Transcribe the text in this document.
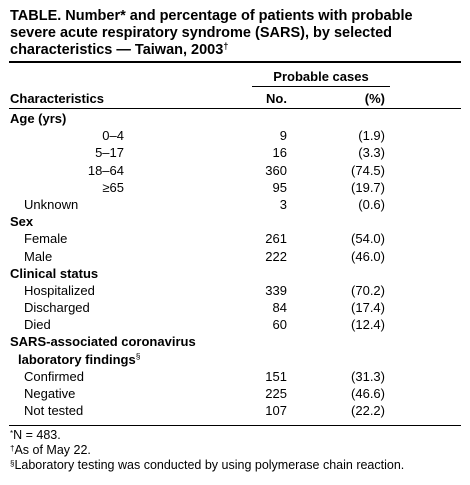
TABLE. Number* and percentage of patients with probable severe acute respiratory syndrome (SARS), by selected characteristics — Taiwan, 2003†
Probable cases
Characteristics	No.	(%)
Age (yrs)
0–4	9	(1.9)
5–17	16	(3.3)
18–64	360	(74.5)
≥65	95	(19.7)
Unknown	3	(0.6)
Sex
Female	261	(54.0)
Male	222	(46.0)
Clinical status
Hospitalized	339	(70.2)
Discharged	84	(17.4)
Died	60	(12.4)
SARS-associated coronavirus
laboratory findings§
Confirmed	151	(31.3)
Negative	225	(46.6)
Not tested	107	(22.2)
*N = 483.
†As of May 22.
§Laboratory testing was conducted by using polymerase chain reaction.
